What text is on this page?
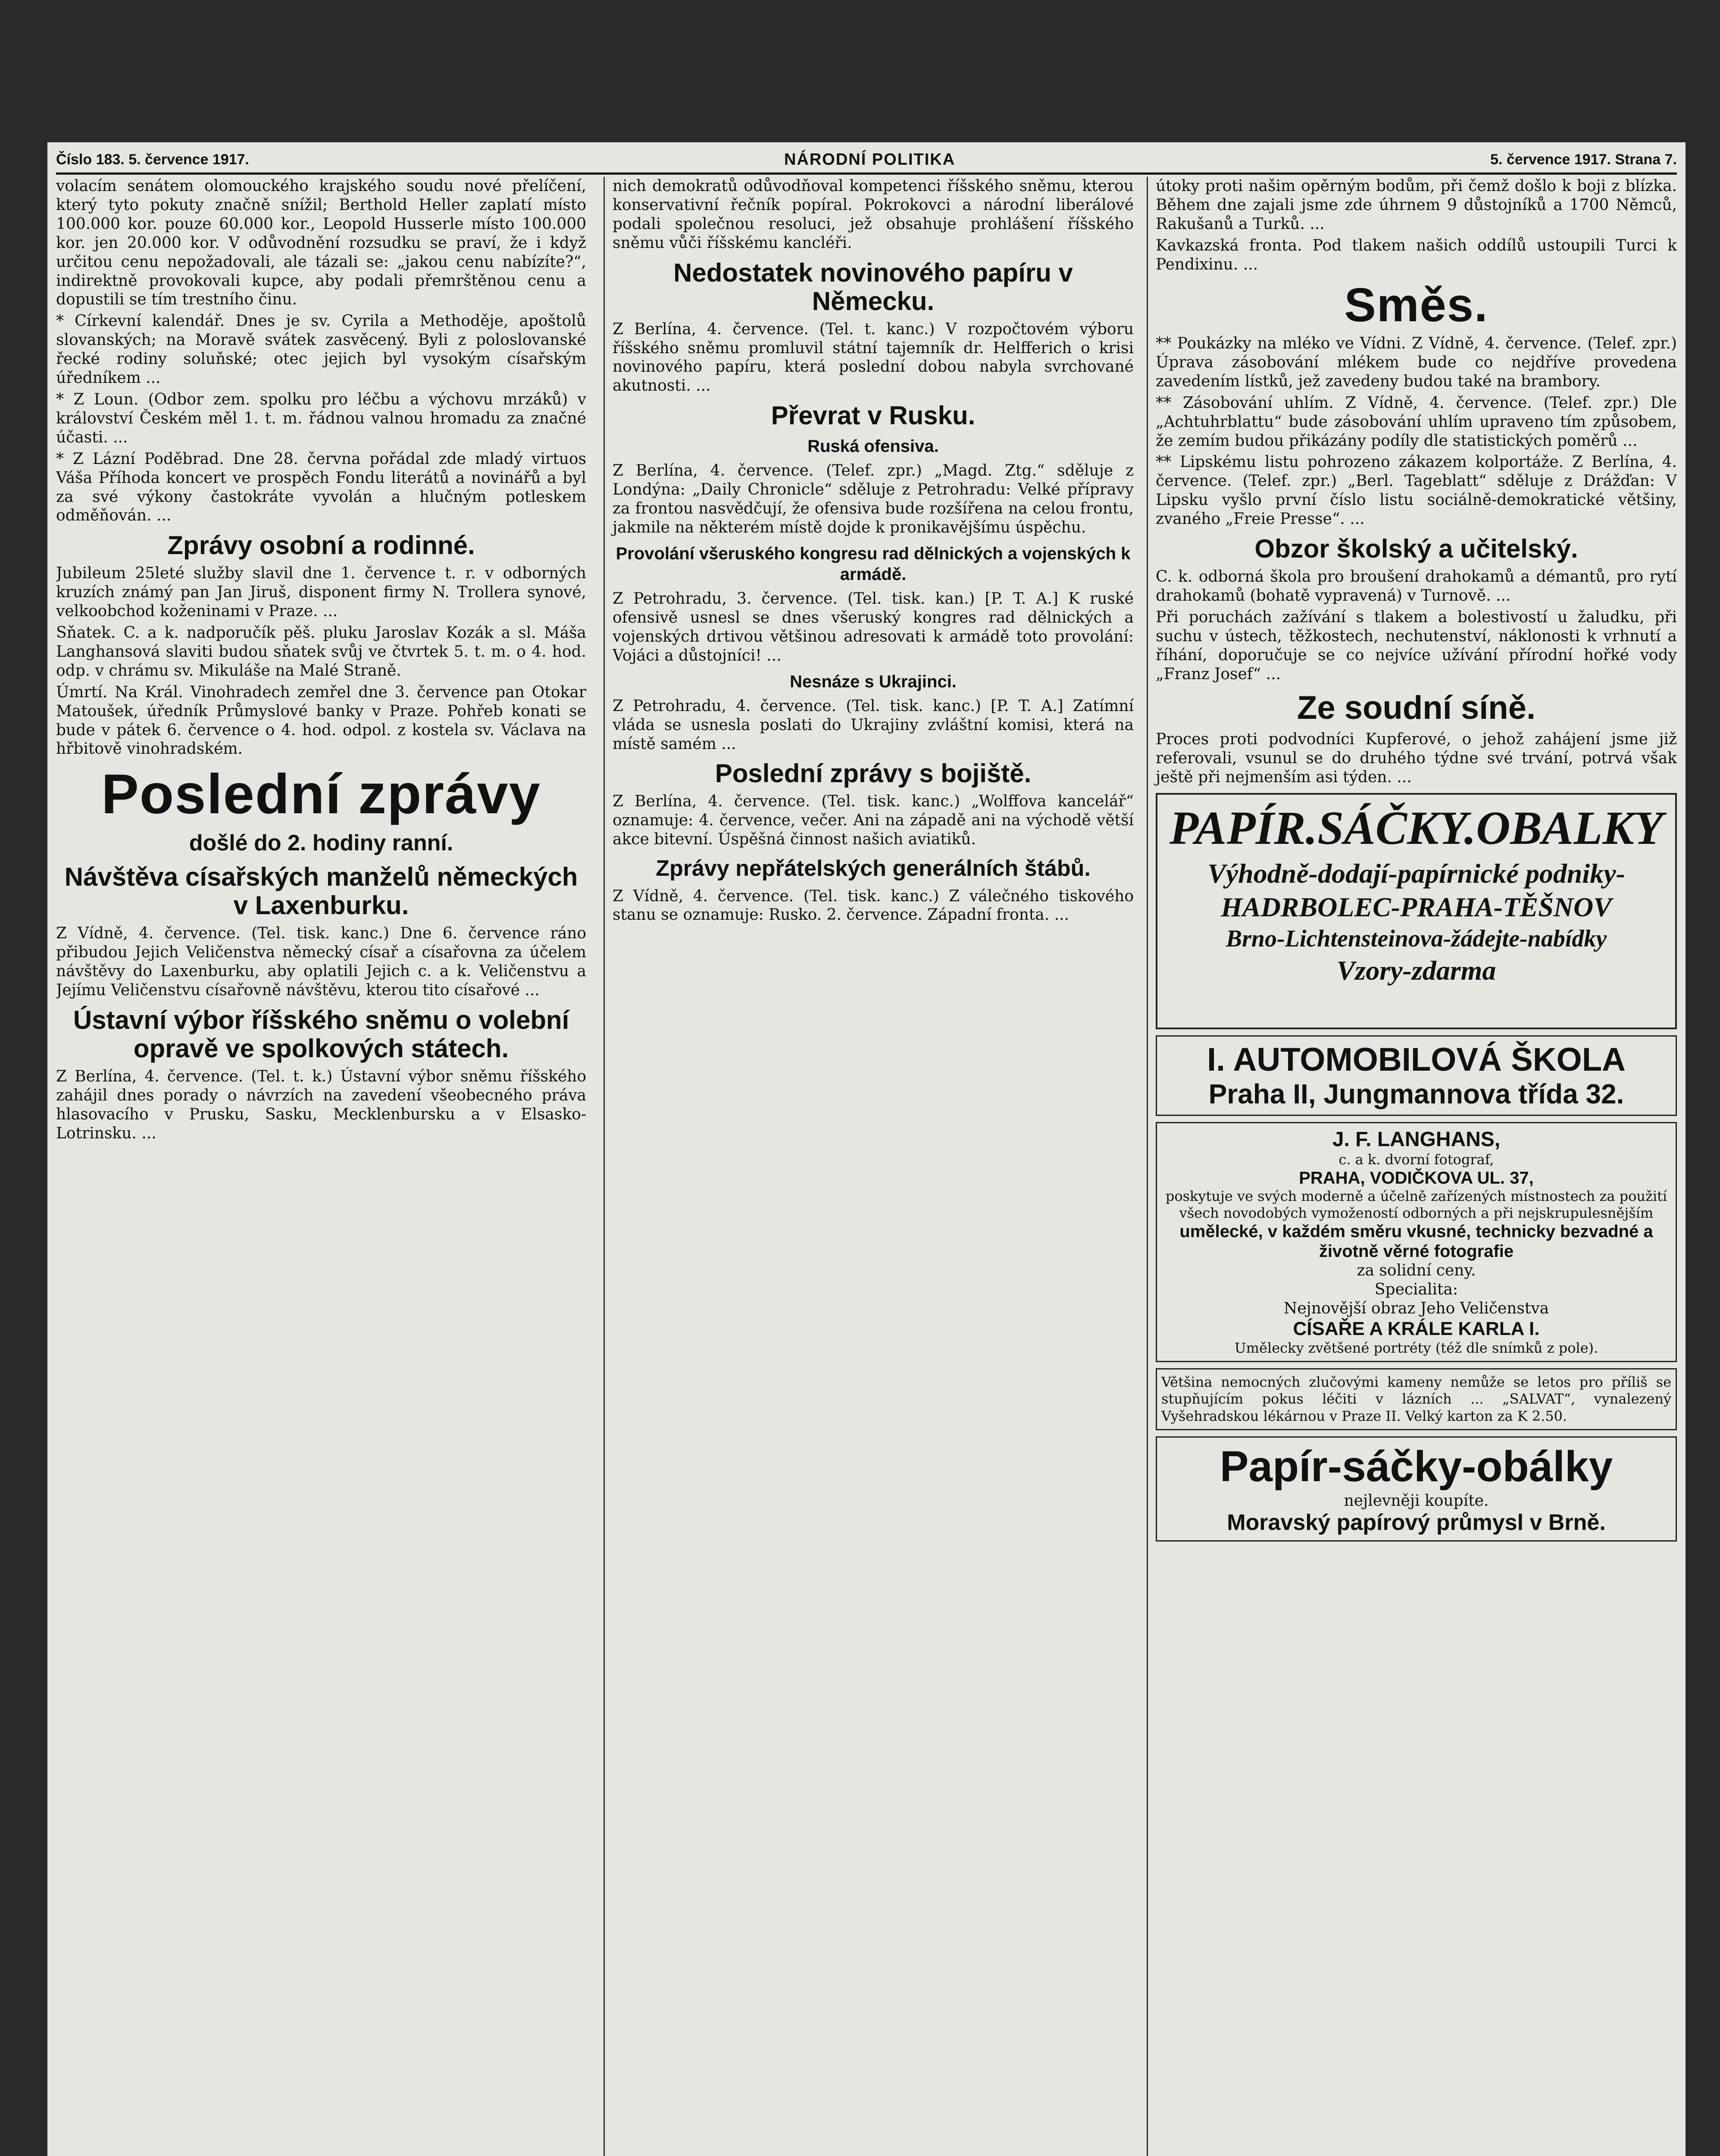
Číslo 183. 5. července 1917.	NÁRODNÍ POLITIKA	5. července 1917. Strana 7.

volacím senátem olomouckého krajského soudu nové přelíčení, který tyto pokuty značně snížil; Berthold Heller zaplatí místo 100.000 kor. pouze 60.000 kor., Leopold Husserle místo 100.000 kor. jen 20.000 kor. V odůvodnění rozsudku se praví, že i když určitou cenu nepožadovali, ale tázali se: „jakou cenu nabízíte?“, indirektně provokovali kupce, aby podali přemrštěnou cenu a dopustili se tím trestního činu.

* Církevní kalendář. Dnes je sv. Cyrila a Methoděje, apoštolů slovanských; na Moravě svátek zasvěcený. Byli z poloslovanské řecké rodiny soluňské; otec jejich byl vysokým císařským úředníkem ...

* Z Loun. (Odbor zem. spolku pro léčbu a výchovu mrzáků) v království Českém měl 1. t. m. řádnou valnou hromadu za značné účasti. ...

* Z Lázní Poděbrad. Dne 28. června pořádal zde mladý virtuos Váša Příhoda koncert ve prospěch Fondu literátů a novinářů a byl za své výkony častokráte vyvolán a hlučným potleskem odměňován. ...

Zprávy osobní a rodinné.

Jubileum 25leté služby slavil dne 1. července t. r. v odborných kruzích známý pan Jan Jiruš, disponent firmy N. Trollera synové, velkoobchod koženinami v Praze. ...

Sňatek. C. a k. nadporučík pěš. pluku Jaroslav Kozák a sl. Máša Langhansová slaviti budou sňatek svůj ve čtvrtek 5. t. m. o 4. hod. odp. v chrámu sv. Mikuláše na Malé Straně.

Úmrtí. Na Král. Vinohradech zemřel dne 3. července pan Otokar Matoušek, úředník Průmyslové banky v Praze. Pohřeb konati se bude v pátek 6. července o 4. hod. odpol. z kostela sv. Václava na hřbitově vinohradském.

Poslední zprávy
došlé do 2. hodiny ranní.
Návštěva císařských manželů německých v Laxenburku.

Z Vídně, 4. července. (Tel. tisk. kanc.) Dne 6. července ráno přibudou Jejich Veličenstva německý císař a císařovna za účelem návštěvy do Laxenburku, aby oplatili Jejich c. a k. Veličenstvu a Jejímu Veličenstvu císařovně návštěvu, kterou tito císařové ...

Ústavní výbor říšského sněmu o volební opravě ve spolkových státech.

Z Berlína, 4. července. (Tel. t. k.) Ústavní výbor sněmu říšského zahájil dnes porady o návrzích na zavedení všeobecného práva hlasovacího v Prusku, Sasku, Mecklenbursku a v Elsasko-Lotrinsku. ...

nich demokratů odůvodňoval kompetenci říšského sněmu, kterou konservativní řečník popíral. Pokrokovci a národní liberálové podali společnou resoluci, jež obsahuje prohlášení říšského sněmu vůči říšskému kancléři.

Nedostatek novinového papíru v Německu.

Z Berlína, 4. července. (Tel. t. kanc.) V rozpočtovém výboru říšského sněmu promluvil státní tajemník dr. Helfferich o krisi novinového papíru, která poslední dobou nabyla svrchované akutnosti. ...

Převrat v Rusku.
Ruská ofensiva.

Z Berlína, 4. července. (Telef. zpr.) „Magd. Ztg.“ sděluje z Londýna: „Daily Chronicle“ sděluje z Petrohradu: Velké přípravy za frontou nasvědčují, že ofensiva bude rozšířena na celou frontu, jakmile na některém místě dojde k pronikavějšímu úspěchu.

Provolání všeruského kongresu rad dělnických a vojenských k armádě.

Z Petrohradu, 3. července. (Tel. tisk. kan.) [P. T. A.] K ruské ofensivě usnesl se dnes všeruský kongres rad dělnických a vojenských drtivou většinou adresovati k armádě toto provolání: Vojáci a důstojníci! ...

Nesnáze s Ukrajinci.

Z Petrohradu, 4. července. (Tel. tisk. kanc.) [P. T. A.] Zatímní vláda se usnesla poslati do Ukrajiny zvláštní komisi, která na místě samém ...

Poslední zprávy s bojiště.

Z Berlína, 4. července. (Tel. tisk. kanc.) „Wolffova kancelář“ oznamuje: 4. července, večer. Ani na západě ani na východě větší akce bitevní. Úspěšná činnost našich aviatiků.

Zprávy nepřátelských generálních štábů.

Z Vídně, 4. července. (Tel. tisk. kanc.) Z válečného tiskového stanu se oznamuje: Rusko. 2. července. Západní fronta. ...

útoky proti našim opěrným bodům, při čemž došlo k boji z blízka. Během dne zajali jsme zde úhrnem 9 důstojníků a 1700 Němců, Rakušanů a Turků. ...

Kavkazská fronta. Pod tlakem našich oddílů ustoupili Turci k Pendixinu. ...

Směs.

** Poukázky na mléko ve Vídni. Z Vídně, 4. července. (Telef. zpr.) Úprava zásobování mlékem bude co nejdříve provedena zavedením lístků, jež zavedeny budou také na brambory.

** Zásobování uhlím. Z Vídně, 4. července. (Telef. zpr.) Dle „Achtuhrblattu“ bude zásobování uhlím upraveno tím způsobem, že zemím budou přikázány podíly dle statistických poměrů ...

** Lipskému listu pohrozeno zákazem kolportáže. Z Berlína, 4. července. (Telef. zpr.) „Berl. Tageblatt“ sděluje z Drážďan: V Lipsku vyšlo první číslo listu sociálně-demokratické většiny, zvaného „Freie Presse“. ...

Obzor školský a učitelský.

C. k. odborná škola pro broušení drahokamů a démantů, pro rytí drahokamů (bohatě vypravená) v Turnově. ...

Při poruchách zažívání s tlakem a bolestivostí u žaludku, při suchu v ústech, těžkostech, nechutenství, náklonosti k vrhnutí a říhání, doporučuje se co nejvíce užívání přírodní hořké vody „Franz Josef“ ...

Ze soudní síně.

Proces proti podvodníci Kupferové, o jehož zahájení jsme již referovali, vsunul se do druhého týdne své trvání, potrvá však ještě při nejmenším asi týden. ...

PAPÍR.SÁČKY.OBALKY
Výhodně-dodají-papírnické podniky-HADRBOLEC-PRAHA-TĚŠNOV
Brno-Lichtensteinova-žádejte-nabídky
Vzory-zdarma
I. AUTOMOBILOVÁ ŠKOLA
Praha II, Jungmannova třída 32.
J. F. LANGHANS,
c. a k. dvorní fotograf,
PRAHA, VODIČKOVA UL. 37,
poskytuje ve svých moderně a účelně zařízených místnostech za použití všech novodobých vymožeností odborných a při nejskrupulesnějším
umělecké, v každém směru vkusné, technicky bezvadné a životně věrné fotografie
za solidní ceny.
Specialita:
Nejnovější obraz Jeho Veličenstva
CÍSAŘE A KRÁLE KARLA I.
Umělecky zvětšené portréty (též dle snímků z pole).
Většina nemocných zlučovými kameny nemůže se letos pro příliš se stupňujícím pokus léčiti v lázních ... „SALVAT“, vynalezený Vyšehradskou lékárnou v Praze II. Velký karton za K 2.50.
Papír-sáčky-obálky
nejlevněji koupíte.
Moravský papírový průmysl v Brně.
